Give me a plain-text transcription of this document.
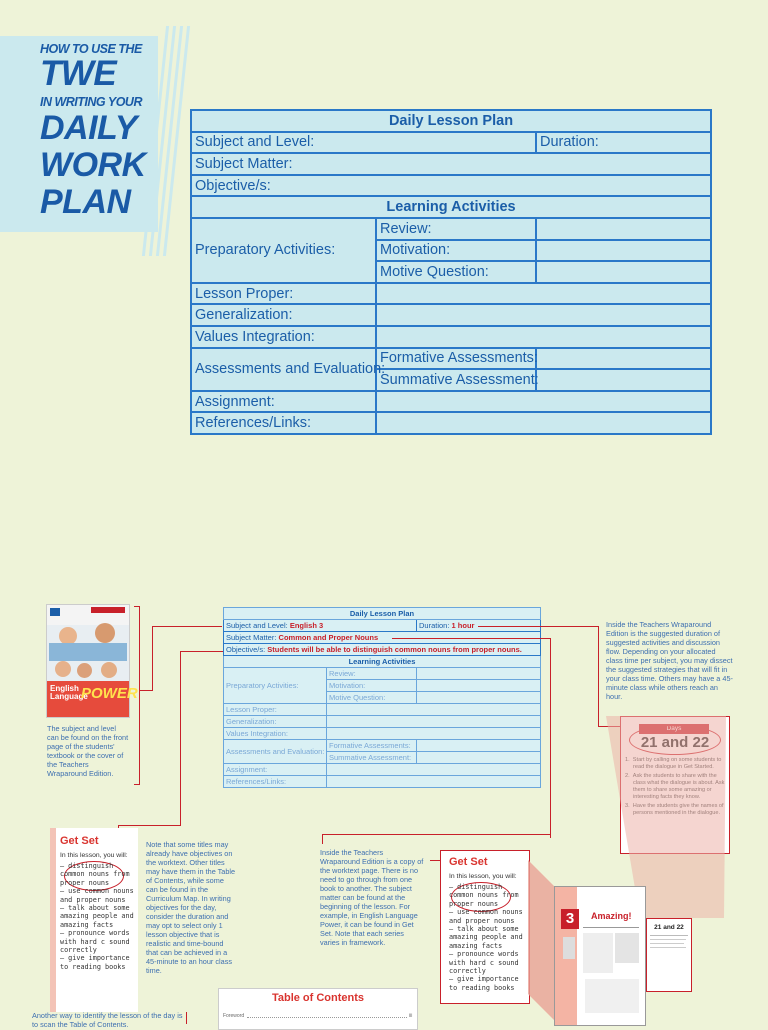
HOW TO USE THE
TWE
IN WRITING YOUR
DAILY
WORK
PLAN
Daily Lesson Plan		
Subject and Level:		Duration:
Subject Matter:		
Objective/s:		
Learning Activities		
Preparatory Activities:	Review:	
	Motivation:	
	Motive Question:	
Lesson Proper:		
Generalization:		
Values Integration:		
Assessments and Evaluation:	Formative Assessments:	
	Summative Assessment:	
Assignment:		
References/Links:		
English
Language
POWER
The subject and level can be found on the front page of the students' textbook or the cover of the Teachers Wraparound Edition.
Daily Lesson Plan		
Subject and Level: English 3		Duration: 1 hour
Subject Matter: Common and Proper Nouns		
Objective/s: Students will be able to distinguish common nouns from proper nouns.		
Learning Activities		
Preparatory Activities:	Review:	
	Motivation:	
	Motive Question:	
Lesson Proper:		
Generalization:		
Values Integration:		
Assessments and Evaluation:	Formative Assessments:	
	Summative Assessment:	
Assignment:		
References/Links:		
Inside the Teachers Wraparound Edition is the suggested duration of suggested activities and discussion flow. Depending on your allocated class time per subject, you may dissect the suggested strategies that will fit in your class time. Others may have a 45-minute class while others reach an hour.
Get Set
In this lesson, you will:
– distinguish common nouns from proper nouns
– use common nouns and proper nouns
– talk about some amazing people and amazing facts
– pronounce words with hard c sound correctly
– give importance to reading books
Note that some titles may already have objectives on the worktext. Other titles may have them in the Table of Contents, while some can be found in the Curriculum Map. In writing objectives for the day, consider the duration and may opt to select only 1 lesson objective that is realistic and time-bound that can be achieved in a 45-minute to an hour class time.
Inside the Teachers Wraparound Edition is a copy of the worktext page. There is no need to go through from one book to another. The subject matter can be found at the beginning of the lesson. For example, in English Language Power, it can be found in Get Set. Note that each series varies in framework.
Get Set
In this lesson, you will:
– distinguish common nouns from proper nouns
– use common nouns and proper nouns
– talk about some amazing people and amazing facts
– pronounce words with hard c sound correctly
– give importance to reading books
3	Amazing!
21 and 22
Another way to identify the lesson of the day is to scan the Table of Contents.
Table of Contents
Foreword	iii
